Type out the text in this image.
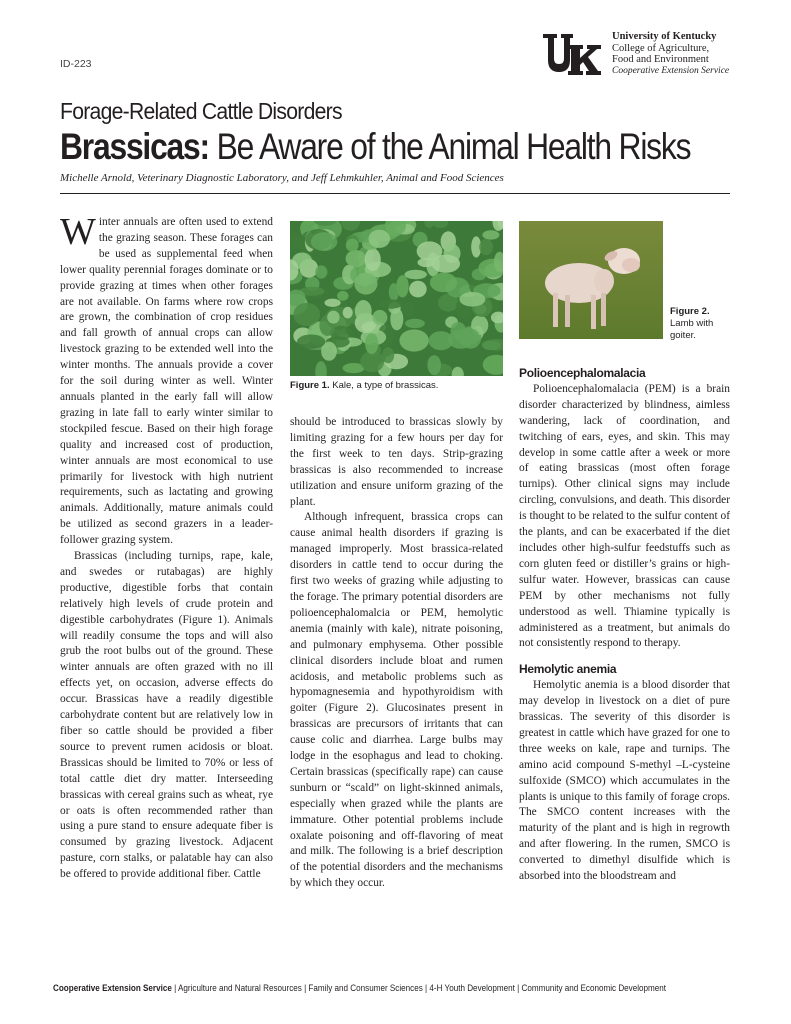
ID-223
University of Kentucky
College of Agriculture,
Food and Environment
Cooperative Extension Service
Forage-Related Cattle Disorders
Brassicas: Be Aware of the Animal Health Risks
Michelle Arnold, Veterinary Diagnostic Laboratory, and Jeff Lehmkuhler, Animal and Food Sciences

Winter annuals are often used to extend the grazing season. These forages can be used as supplemental feed when lower quality perennial forages dominate or to provide grazing at times when other forages are not available. On farms where row crops are grown, the combination of crop residues and fall growth of annual crops can allow livestock grazing to be extended well into the winter months. The annuals provide a cover for the soil during winter as well. Winter annuals planted in the early fall will allow grazing in late fall to early winter similar to stockpiled fescue. Based on their high forage quality and increased cost of production, winter annuals are most economical to use primarily for livestock with high nutrient requirements, such as lactating and growing animals. Additionally, mature animals could be utilized as second grazers in a leader-follower grazing system.

Brassicas (including turnips, rape, kale, and swedes or rutabagas) are highly productive, digestible forbs that contain relatively high levels of crude protein and digestible carbohydrates (Figure 1). Animals will readily consume the tops and will also grub the root bulbs out of the ground. These winter annuals are often grazed with no ill effects yet, on occasion, adverse effects do occur. Brassicas have a readily digestible carbohydrate content but are relatively low in fiber so cattle should be provided a fiber source to prevent rumen acidosis or bloat. Brassicas should be limited to 70% or less of total cattle diet dry matter. Interseeding brassicas with cereal grains such as wheat, rye or oats is often recommended rather than using a pure stand to ensure adequate fiber is consumed by grazing livestock. Adjacent pasture, corn stalks, or palatable hay can also be offered to provide additional fiber. Cattle

Figure 1. Kale, a type of brassicas.

should be introduced to brassicas slowly by limiting grazing for a few hours per day for the first week to ten days. Strip-grazing brassicas is also recommended to increase utilization and ensure uniform grazing of the plant.

Although infrequent, brassica crops can cause animal health disorders if grazing is managed improperly. Most brassica-related disorders in cattle tend to occur during the first two weeks of grazing while adjusting to the forage. The primary potential disorders are polioencephalomalcia or PEM, hemolytic anemia (mainly with kale), nitrate poisoning, and pulmonary emphysema. Other possible clinical disorders include bloat and rumen acidosis, and metabolic problems such as hypomagnesemia and hypothyroidism with goiter (Figure 2). Glucosinates present in brassicas are precursors of irritants that can cause colic and diarrhea. Large bulbs may lodge in the esophagus and lead to choking. Certain brassicas (specifically rape) can cause sunburn or “scald” on light-skinned animals, especially when grazed while the plants are immature. Other potential problems include oxalate poisoning and off-flavoring of meat and milk. The following is a brief description of the potential disorders and the mechanisms by which they occur.

Figure 2. Lamb with goiter.

Polioencephalomalacia

Polioencephalomalacia (PEM) is a brain disorder characterized by blindness, aimless wandering, lack of coordination, and twitching of ears, eyes, and skin. This may develop in some cattle after a week or more of eating brassicas (most often forage turnips). Other clinical signs may include circling, convulsions, and death. This disorder is thought to be related to the sulfur content of the plants, and can be exacerbated if the diet includes other high-sulfur feedstuffs such as corn gluten feed or distiller’s grains or high-sulfur water. However, brassicas can cause PEM by other mechanisms not fully understood as well. Thiamine typically is administered as a treatment, but animals do not consistently respond to therapy.

Hemolytic anemia

Hemolytic anemia is a blood disorder that may develop in livestock on a diet of pure brassicas. The severity of this disorder is greatest in cattle which have grazed for one to three weeks on kale, rape and turnips. The amino acid compound S-methyl –L-cysteine sulfoxide (SMCO) which accumulates in the plants is unique to this family of forage crops. The SMCO content increases with the maturity of the plant and is high in regrowth and after flowering. In the rumen, SMCO is converted to dimethyl disulfide which is absorbed into the bloodstream and

Cooperative Extension Service | Agriculture and Natural Resources | Family and Consumer Sciences | 4-H Youth Development | Community and Economic Development
